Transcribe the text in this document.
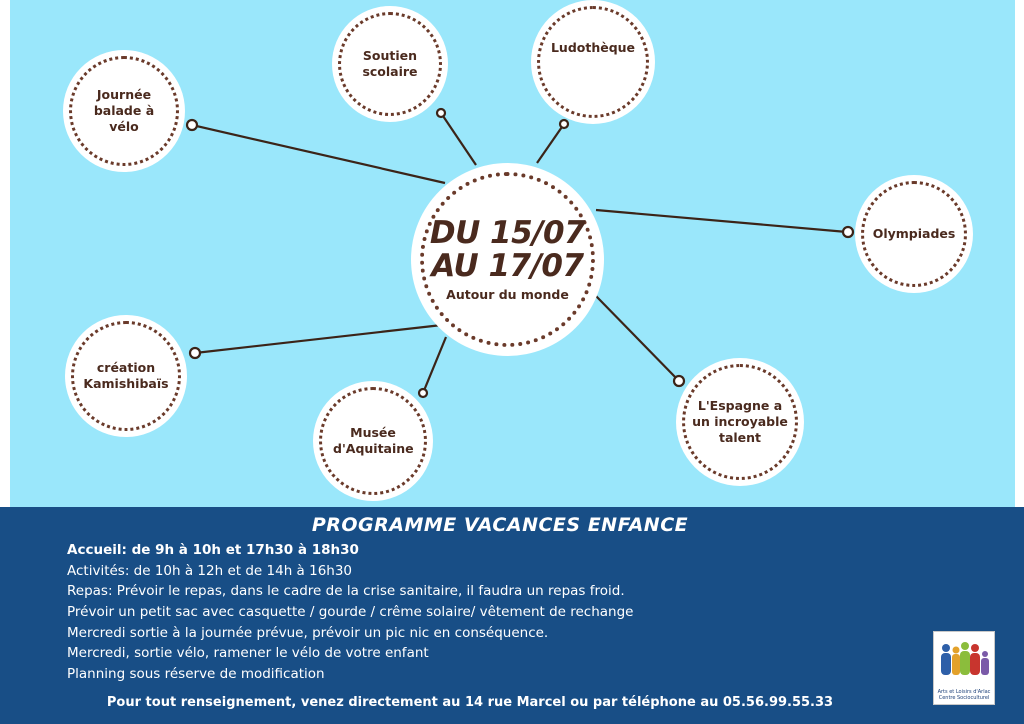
Journée balade à vélo
Soutien scolaire
Ludothèque
Olympiades
création Kamishibaïs
Musée d'Aquitaine
L'Espagne a un incroyable talent
DU 15/07
AU 17/07
Autour du monde
PROGRAMME VACANCES ENFANCE
Accueil: de 9h à 10h et 17h30 à 18h30
Activités: de 10h à 12h et de 14h à 16h30
Repas: Prévoir le repas, dans le cadre de la crise sanitaire, il faudra un repas froid.
Prévoir un petit sac avec casquette / gourde / crême solaire/ vêtement de rechange
Mercredi sortie à la journée prévue, prévoir un pic nic en conséquence.
Mercredi, sortie vélo, ramener le vélo de votre enfant
Planning sous réserve de modification
Pour tout renseignement, venez directement au 14 rue Marcel ou par téléphone au 05.56.99.55.33
Arts et Loisirs d'Arlac
Centre Socioculturel
